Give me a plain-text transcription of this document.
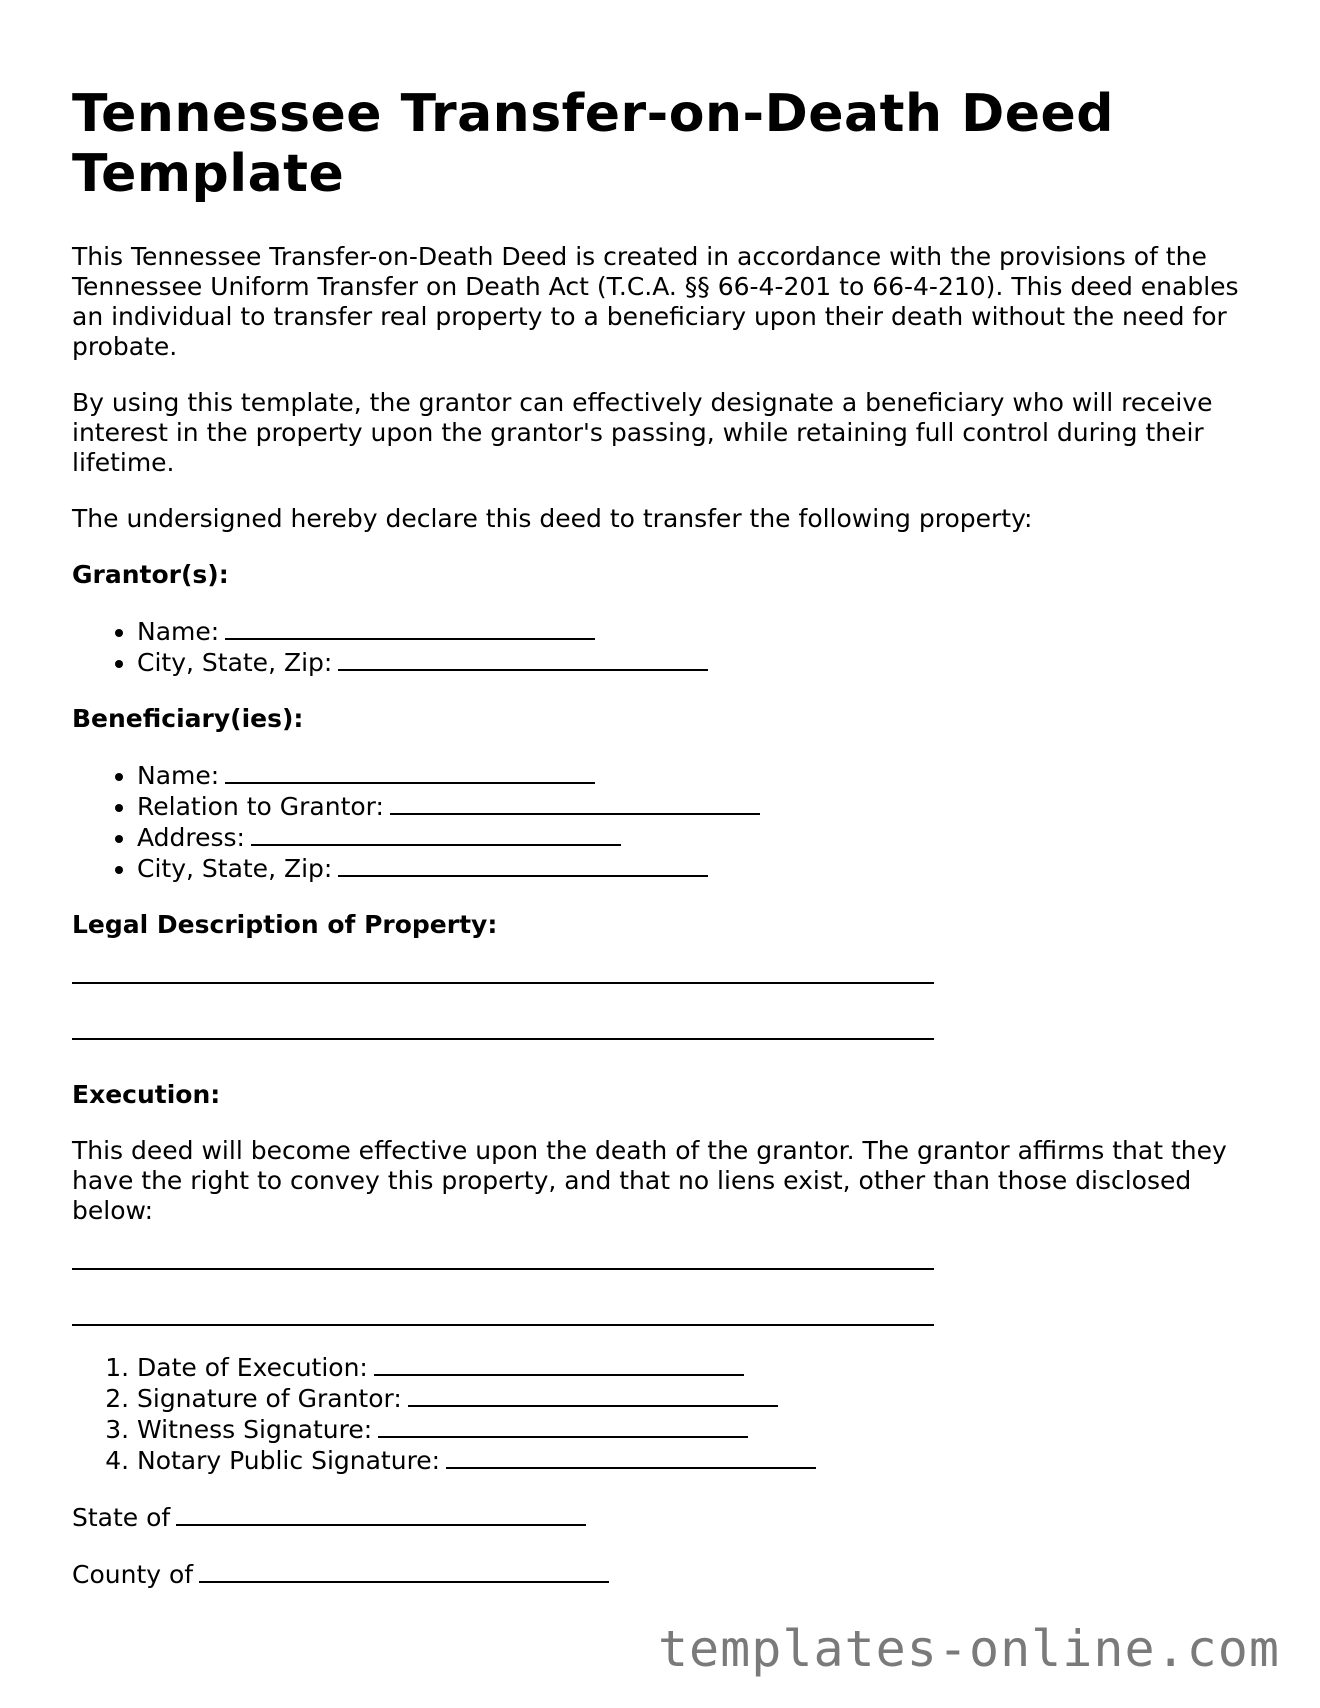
Tennessee Transfer-on-Death Deed Template

This Tennessee Transfer-on-Death Deed is created in accordance with the provisions of the Tennessee Uniform Transfer on Death Act (T.C.A. §§ 66-4-201 to 66-4-210). This deed enables an individual to transfer real property to a beneficiary upon their death without the need for probate.

By using this template, the grantor can effectively designate a beneficiary who will receive interest in the property upon the grantor's passing, while retaining full control during their lifetime.

The undersigned hereby declare this deed to transfer the following property:

Grantor(s):
• Name:
• City, State, Zip:
Beneficiary(ies):
• Name:
• Relation to Grantor:
• Address:
• City, State, Zip:
Legal Description of Property:
Execution:

This deed will become effective upon the death of the grantor. The grantor affirms that they have the right to convey this property, and that no liens exist, other than those disclosed below:

1. Date of Execution:
2. Signature of Grantor:
3. Witness Signature:
4. Notary Public Signature:

State of

County of

templates-online.com
